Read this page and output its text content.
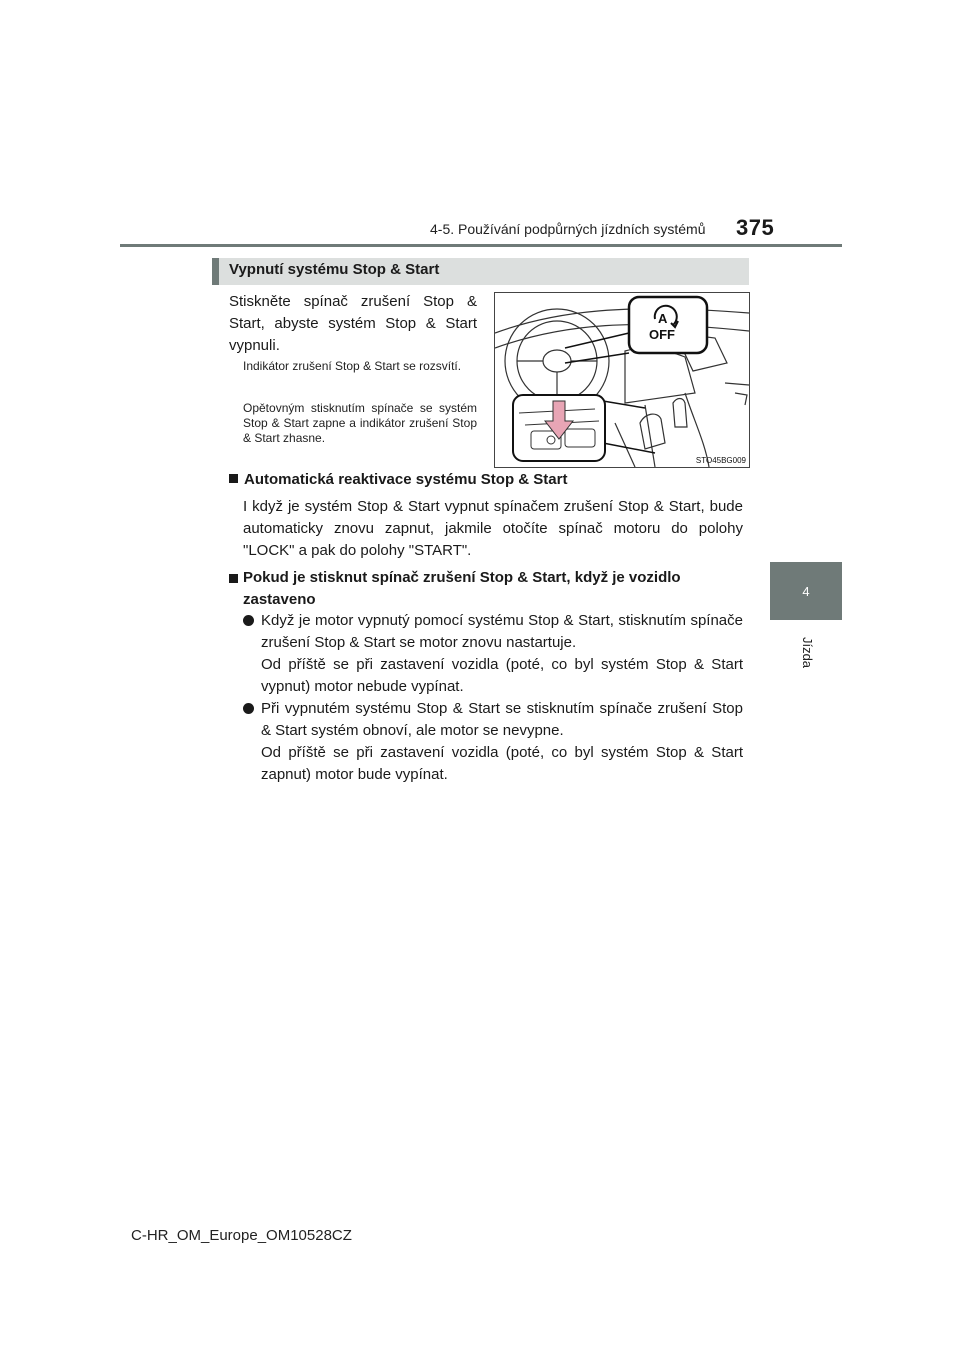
4-5. Používání podpůrných jízdních systémů 375
4
Jízda
Vypnutí systému Stop & Start
Stiskněte spínač zrušení Stop & Start, abyste systém Stop & Start vypnuli.
Indikátor zrušení Stop & Start se rozsvítí.
Opětovným stisknutím spínače se systém Stop & Start zapne a indikátor zrušení Stop & Start zhasne.
A
STO45BG009
OFF
Automatická reaktivace systému Stop & Start
I když je systém Stop & Start vypnut spínačem zrušení Stop & Start, bude automaticky znovu zapnut, jakmile otočíte spínač motoru do polohy "LOCK" a pak do polohy "START".
Pokud je stisknut spínač zrušení Stop & Start, když je vozidlo zastaveno
Když je motor vypnutý pomocí systému Stop & Start, stisknutím spínače zrušení Stop & Start se motor znovu nastartuje.
Od příště se při zastavení vozidla (poté, co byl systém Stop & Start vypnut) motor nebude vypínat.
Při vypnutém systému Stop & Start se stisknutím spínače zrušení Stop & Start systém obnoví, ale motor se nevypne.
Od příště se při zastavení vozidla (poté, co byl systém Stop & Start zapnut) motor bude vypínat.
C-HR_OM_Europe_OM10528CZ
